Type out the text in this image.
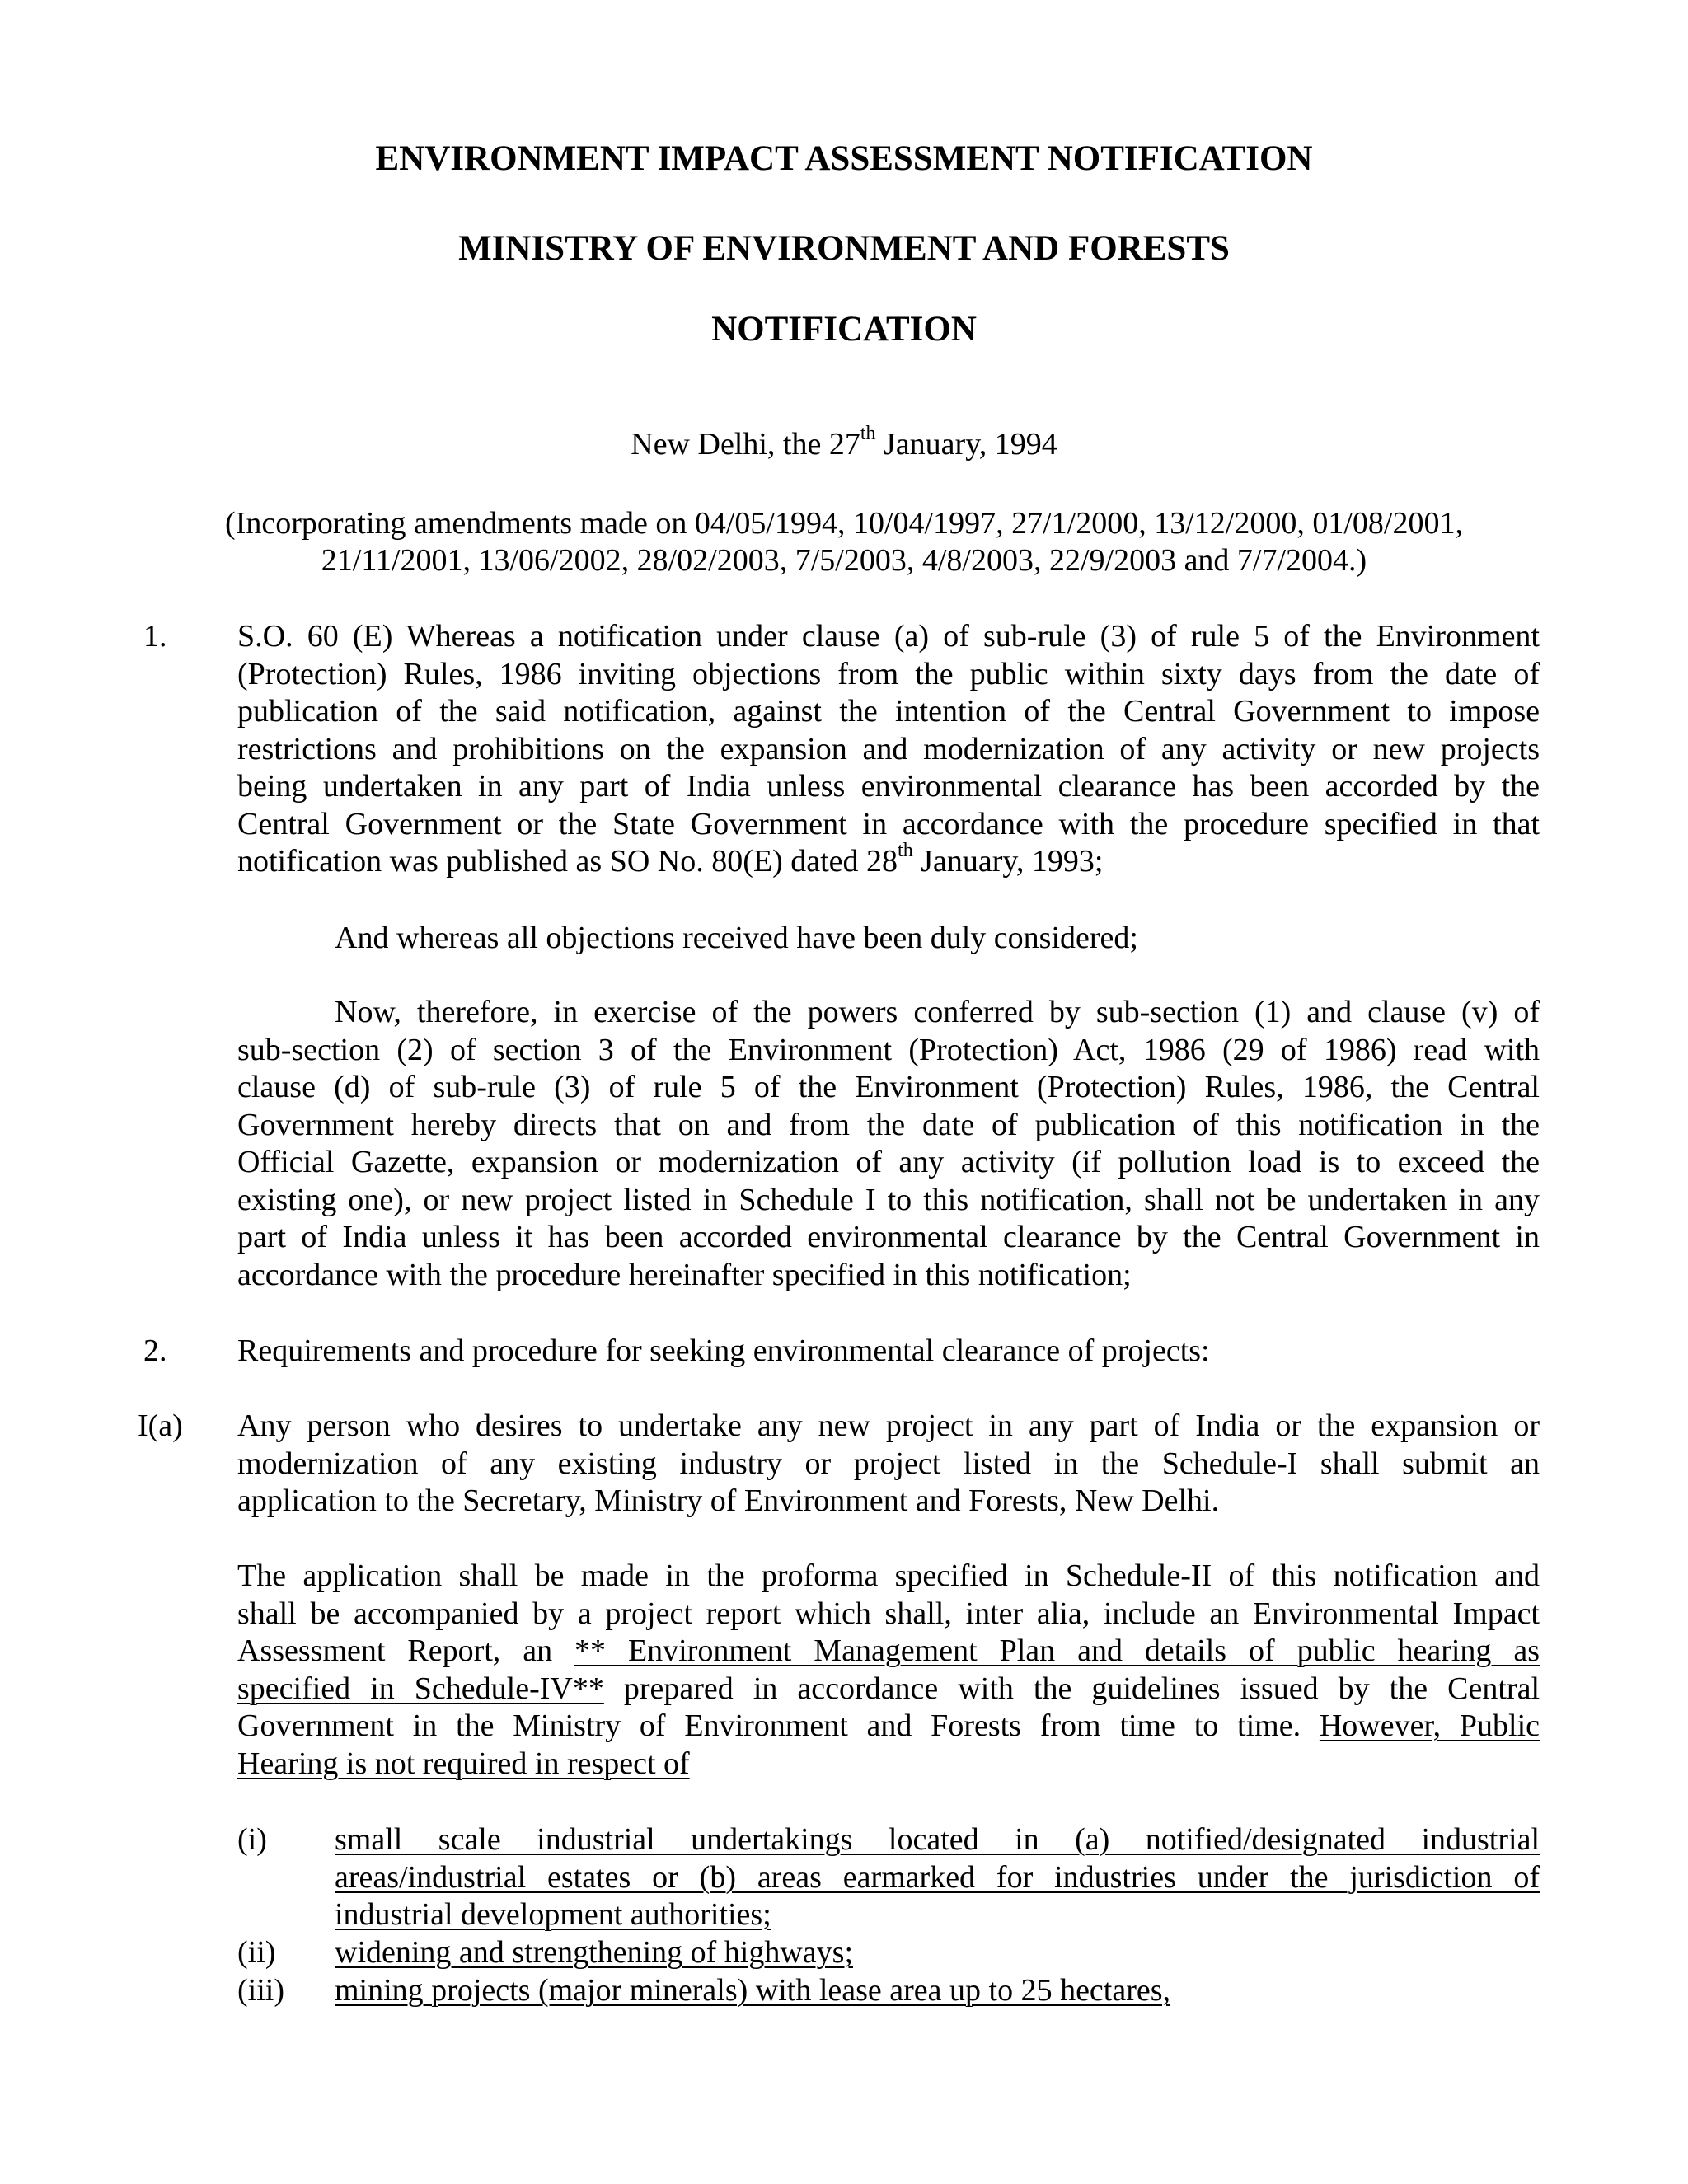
ENVIRONMENT IMPACT ASSESSMENT NOTIFICATION
MINISTRY OF ENVIRONMENT AND FORESTS
NOTIFICATION
New Delhi, the 27th January, 1994
(Incorporating amendments made on 04/05/1994, 10/04/1997, 27/1/2000, 13/12/2000, 01/08/2001,
21/11/2001, 13/06/2002, 28/02/2003, 7/5/2003, 4/8/2003, 22/9/2003 and 7/7/2004.)
1. S.O. 60 (E) Whereas a notification under clause (a) of sub-rule (3) of rule 5 of the Environment
(Protection) Rules, 1986 inviting objections from the public within sixty days from the date of
publication of the said notification, against the intention of the Central Government to impose
restrictions and prohibitions on the expansion and modernization of any activity or new projects
being undertaken in any part of India unless environmental clearance has been accorded by the
Central Government or the State Government in accordance with the procedure specified in that
notification was published as SO No. 80(E) dated 28th January, 1993;
And whereas all objections received have been duly considered;
Now, therefore, in exercise of the powers conferred by sub-section (1) and clause (v) of
sub-section (2) of section 3 of the Environment (Protection) Act, 1986 (29 of 1986) read with
clause (d) of sub-rule (3) of rule 5 of the Environment (Protection) Rules, 1986, the Central
Government hereby directs that on and from the date of publication of this notification in the
Official Gazette, expansion or modernization of any activity (if pollution load is to exceed the
existing one), or new project listed in Schedule I to this notification, shall not be undertaken in any
part of India unless it has been accorded environmental clearance by the Central Government in
accordance with the procedure hereinafter specified in this notification;
2. Requirements and procedure for seeking environmental clearance of projects:
I(a) Any person who desires to undertake any new project in any part of India or the expansion or
modernization of any existing industry or project listed in the Schedule-I shall submit an
application to the Secretary, Ministry of Environment and Forests, New Delhi.
The application shall be made in the proforma specified in Schedule-II of this notification and
shall be accompanied by a project report which shall, inter alia, include an Environmental Impact
Assessment Report, an ** Environment Management Plan and details of public hearing as
specified in Schedule-IV** prepared in accordance with the guidelines issued by the Central
Government in the Ministry of Environment and Forests from time to time. However, Public
Hearing is not required in respect of
(i) small scale industrial undertakings located in (a) notified/designated industrial
areas/industrial estates or (b) areas earmarked for industries under the jurisdiction of
industrial development authorities;
(ii) widening and strengthening of highways;
(iii) mining projects (major minerals) with lease area up to 25 hectares,
